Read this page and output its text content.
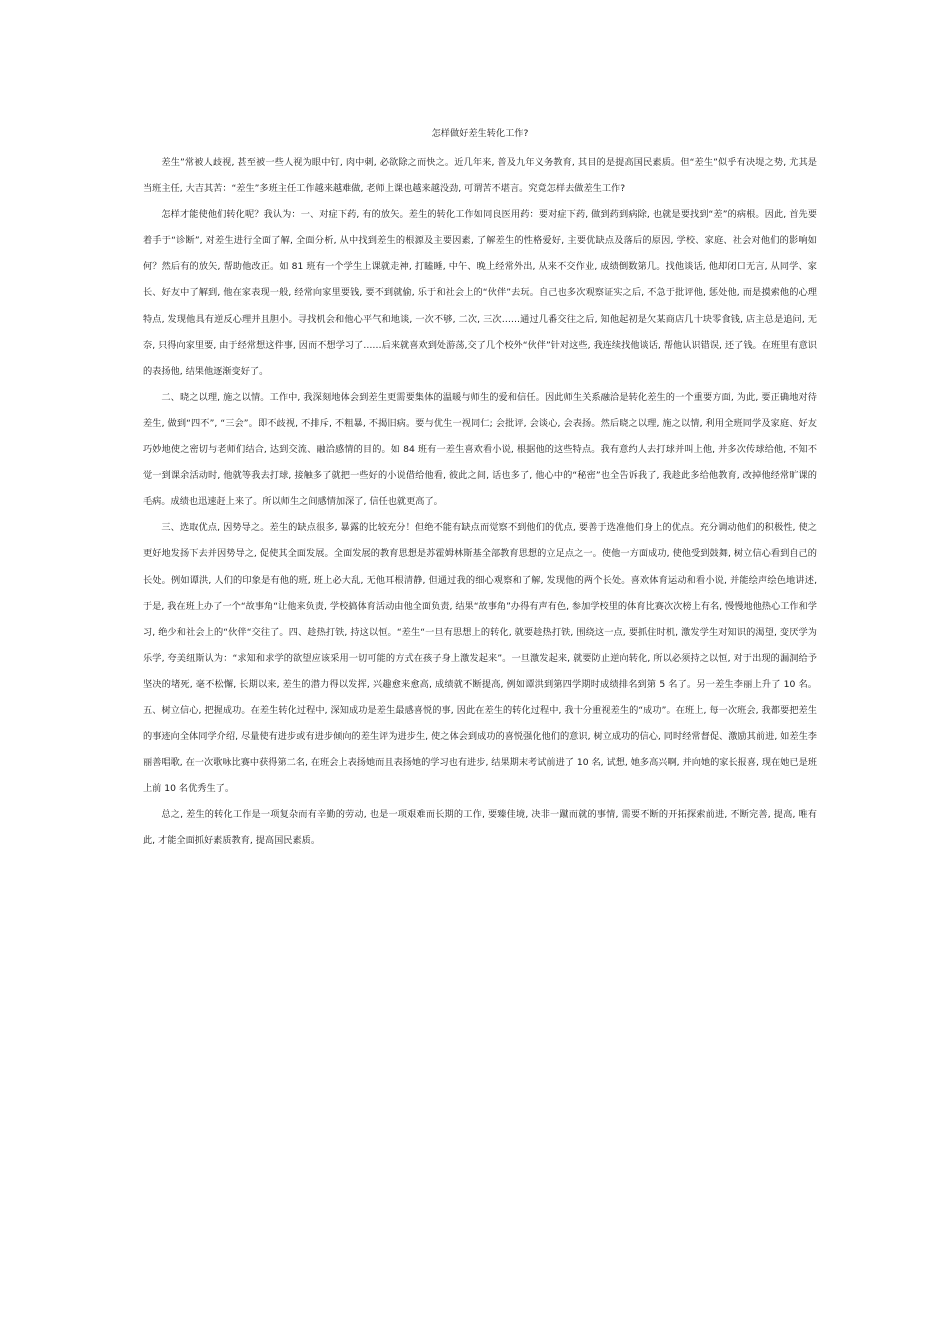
怎样做好差生转化工作?

差生”常被人歧视, 甚至被一些人视为眼中钉, 肉中刺, 必欲除之而快之。近几年来, 普及九年义务教育, 其目的是提高国民素质。但“差生”似乎有决堤之势, 尤其是当班主任, 大吉其苦：“差生”多班主任工作越来越难做, 老师上课也越来越没劲, 可谓苦不堪言。究竟怎样去做差生工作?

怎样才能使他们转化呢？我认为：一、对症下药, 有的放矢。差生的转化工作如同良医用药：要对症下药, 做到药到病除, 也就是要找到“差”的病根。因此, 首先要着手于“诊断”, 对差生进行全面了解, 全面分析, 从中找到差生的根源及主要因素, 了解差生的性格爱好, 主要优缺点及落后的原因, 学校、家庭、社会对他们的影响如何？然后有的放矢, 帮助他改正。如 81 班有一个学生上课就走神, 打瞌睡, 中午、晚上经常外出, 从来不交作业, 成绩倒数第几。找他谈话, 他却闭口无言, 从同学、家长、好友中了解到, 他在家表现一般, 经常向家里要钱, 要不到就偷, 乐于和社会上的“伙伴”去玩。自己也多次观察证实之后, 不急于批评他, 惩处他, 而是摸索他的心理特点, 发现他具有逆反心理并且胆小。寻找机会和他心平气和地谈, 一次不够, 二次, 三次……通过几番交往之后, 知他起初是欠某商店几十块零食钱, 店主总是追问, 无奈, 只得向家里要, 由于经常想这件事, 因而不想学习了……后来就喜欢到处游荡,交了几个校外“伙伴”针对这些, 我连续找他谈话, 帮他认识错误, 还了钱。在班里有意识的表扬他, 结果他逐渐变好了。

二、晓之以理, 施之以情。工作中, 我深刻地体会到差生更需要集体的温暖与师生的爱和信任。因此师生关系融洽是转化差生的一个重要方面, 为此, 要正确地对待差生, 做到“四不”, “三会”。即不歧视, 不排斥, 不粗暴, 不揭旧病。要与优生一视同仁; 会批评, 会谈心, 会表扬。然后晓之以理, 施之以情, 利用全班同学及家庭、好友巧妙地使之密切与老师们结合, 达到交流、融洽感情的目的。如 84 班有一差生喜欢看小说, 根据他的这些特点。我有意约人去打球并叫上他, 并多次传球给他, 不知不觉一到课余活动时, 他就等我去打球, 接触多了就把一些好的小说借给他看, 彼此之间, 话也多了, 他心中的“秘密”也全告诉我了, 我趁此多给他教育, 改掉他经常旷课的毛病。成绩也迅速赶上来了。所以师生之间感情加深了, 信任也就更高了。

三、选取优点, 因势导之。差生的缺点很多, 暴露的比较充分！但绝不能有缺点而觉察不到他们的优点, 要善于选准他们身上的优点。充分调动他们的积极性, 使之更好地发扬下去并因势导之, 促使其全面发展。全面发展的教育思想是苏霍姆林斯基全部教育思想的立足点之一。使他一方面成功, 使他受到鼓舞, 树立信心看到自己的长处。例如谭洪, 人们的印象是有他的班, 班上必大乱, 无他耳根清静, 但通过我的细心观察和了解, 发现他的两个长处。喜欢体育运动和看小说, 并能绘声绘色地讲述, 于是, 我在班上办了一个“故事角“让他来负责, 学校搞体育活动由他全面负责, 结果“故事角”办得有声有色, 参加学校里的体育比赛次次榜上有名, 慢慢地他热心工作和学习, 绝少和社会上的“伙伴“交往了。四、趁热打铁, 持这以恒。“差生“一旦有思想上的转化, 就要趁热打铁, 围绕这一点, 要抓住时机, 激发学生对知识的渴望, 变厌学为乐学, 夸美纽斯认为：“求知和求学的欲望应该采用一切可能的方式在孩子身上激发起来”。一旦激发起来, 就要防止逆向转化, 所以必须持之以恒, 对于出现的漏洞给予坚决的堵死, 毫不松懈, 长期以来, 差生的潜力得以发挥, 兴趣愈来愈高, 成绩就不断提高, 例如谭洪到第四学期时成绩排名到第 5 名了。另一差生李丽上升了 10 名。五、树立信心, 把握成功。在差生转化过程中, 深知成功是差生最感喜悦的事, 因此在差生的转化过程中, 我十分重视差生的“成功”。在班上, 每一次班会, 我都要把差生的事迹向全体同学介绍, 尽量使有进步或有进步倾向的差生评为进步生, 使之体会到成功的喜悦强化他们的意识, 树立成功的信心, 同时经常督促、激励其前进, 如差生李丽善唱歌, 在一次歌咏比赛中获得第二名, 在班会上表扬她而且表扬她的学习也有进步, 结果期末考试前进了 10 名, 试想, 她多高兴啊, 并向她的家长报喜, 现在她已是班上前 10 名优秀生了。

总之, 差生的转化工作是一项复杂而有辛勤的劳动, 也是一项艰难而长期的工作, 要臻佳境, 决非一蹴而就的事情, 需要不断的开拓探索前进, 不断完善, 提高, 唯有此, 才能全面抓好素质教育, 提高国民素质。
